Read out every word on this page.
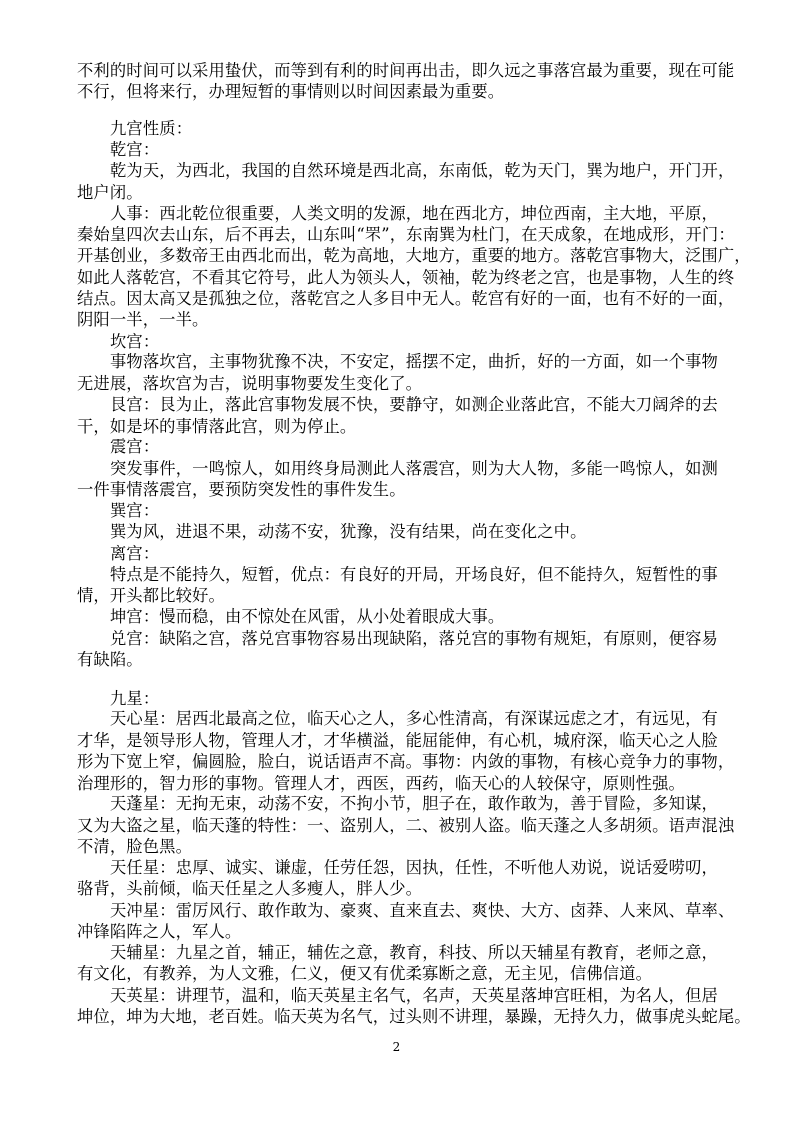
不利的时间可以采用蛰伏，而等到有利的时间再出击，即久远之事落宫最为重要，现在可能
不行，但将来行，办理短暂的事情则以时间因素最为重要。
九宫性质：
乾宫：
乾为天，为西北，我国的自然环境是西北高，东南低，乾为天门，巽为地户，开门开，
地户闭。
人事：西北乾位很重要，人类文明的发源，地在西北方，坤位西南，主大地，平原，
秦始皇四次去山东，后不再去，山东叫“罘”，东南巽为杜门，在天成象，在地成形，开门：
开基创业，多数帝王由西北而出，乾为高地，大地方，重要的地方。落乾宫事物大，泛围广，
如此人落乾宫，不看其它符号，此人为领头人，领袖，乾为终老之宫，也是事物，人生的终
结点。因太高又是孤独之位，落乾宫之人多目中无人。乾宫有好的一面，也有不好的一面，
阴阳一半，一半。
坎宫：
事物落坎宫，主事物犹豫不决，不安定，摇摆不定，曲折，好的一方面，如一个事物
无进展，落坎宫为吉，说明事物要发生变化了。
艮宫：艮为止，落此宫事物发展不快，要静守，如测企业落此宫，不能大刀阔斧的去
干，如是坏的事情落此宫，则为停止。
震宫：
突发事件，一鸣惊人，如用终身局测此人落震宫，则为大人物，多能一鸣惊人，如测
一件事情落震宫，要预防突发性的事件发生。
巽宫：
巽为风，进退不果，动荡不安，犹豫，没有结果，尚在变化之中。
离宫：
特点是不能持久，短暂，优点：有良好的开局，开场良好，但不能持久，短暂性的事
情，开头都比较好。
坤宫：慢而稳，由不惊处在风雷，从小处着眼成大事。
兑宫：缺陷之宫，落兑宫事物容易出现缺陷，落兑宫的事物有规矩，有原则，便容易
有缺陷。
九星：
天心星：居西北最高之位，临天心之人，多心性清高，有深谋远虑之才，有远见，有
才华，是领导形人物，管理人才，才华横溢，能屈能伸，有心机，城府深，临天心之人脸
形为下宽上窄，偏圆脸，脸白，说话语声不高。事物：内敛的事物，有核心竞争力的事物，
治理形的，智力形的事物。管理人才，西医，西药，临天心的人较保守，原则性强。
天蓬星：无拘无束，动荡不安，不拘小节，胆子在，敢作敢为，善于冒险，多知谋，
又为大盗之星，临天蓬的特性：一、盗别人，二、被别人盗。临天蓬之人多胡须。语声混浊
不清，脸色黑。
天任星：忠厚、诚实、谦虚，任劳任怨，因执，任性，不听他人劝说，说话爱唠叨，
骆背，头前倾，临天任星之人多瘦人，胖人少。
天冲星：雷厉风行、敢作敢为、豪爽、直来直去、爽快、大方、卤莽、人来风、草率、
冲锋陷阵之人，军人。
天辅星：九星之首，辅正，辅佐之意，教育，科技、所以天辅星有教育，老师之意，
有文化，有教养，为人文雅，仁义，便又有优柔寡断之意，无主见，信佛信道。
天英星：讲理节，温和，临天英星主名气，名声，天英星落坤宫旺相，为名人，但居
坤位，坤为大地，老百姓。临天英为名气，过头则不讲理，暴躁，无持久力，做事虎头蛇尾。
2
